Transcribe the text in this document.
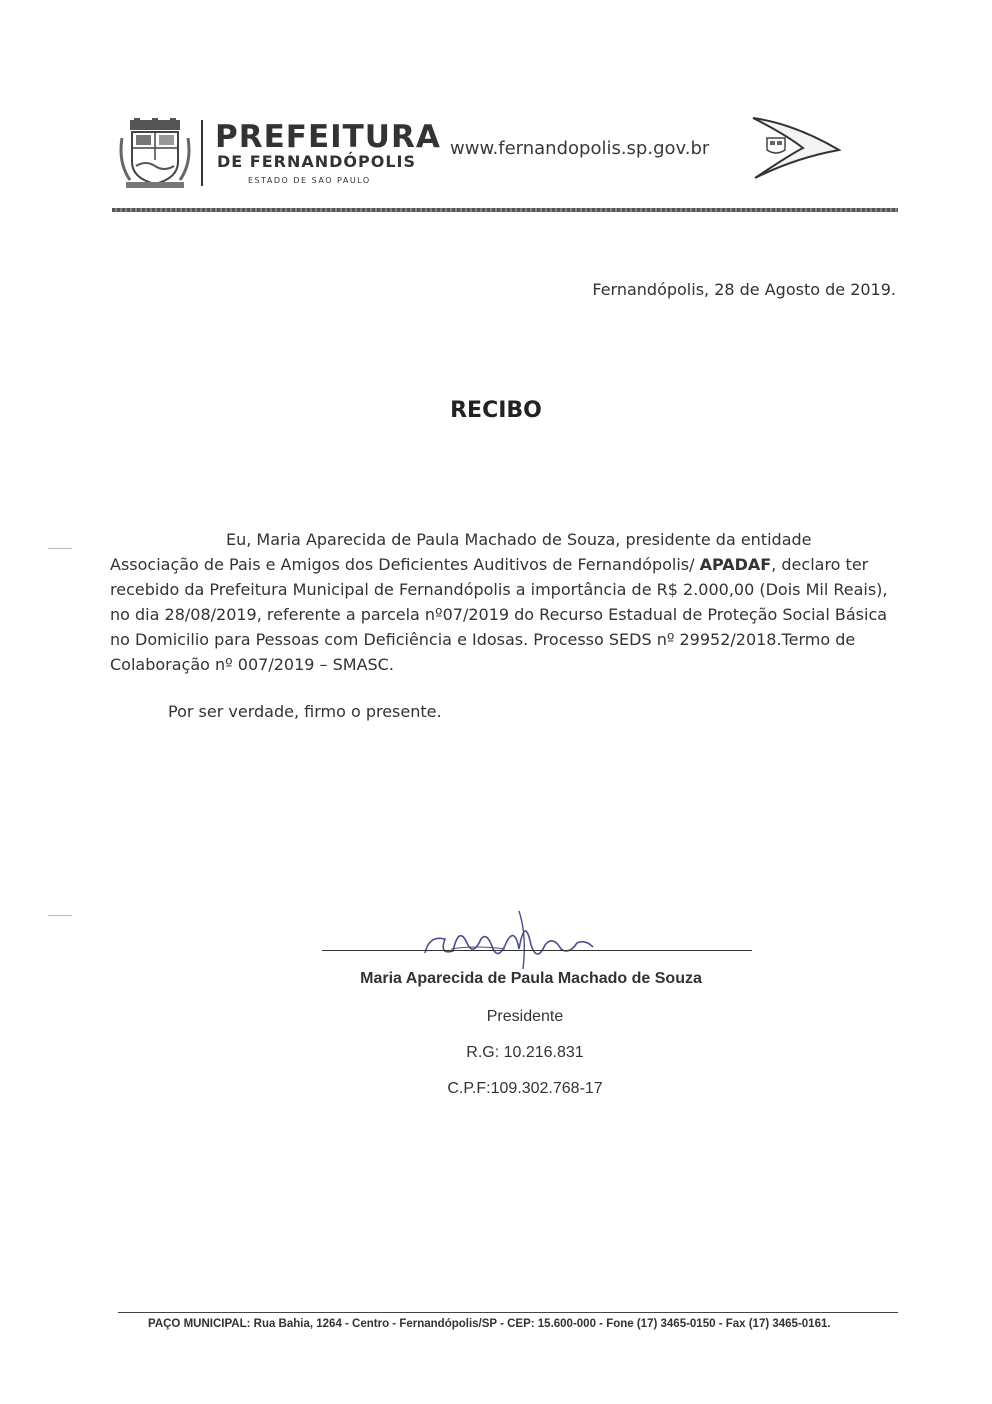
PREFEITURA
DE FERNANDÓPOLIS
ESTADO DE SAO PAULO
www.fernandopolis.sp.gov.br
Fernandópolis, 28 de Agosto de 2019.
RECIBO
Eu, Maria Aparecida de Paula Machado de Souza, presidente da entidade Associação de Pais e Amigos dos Deficientes Auditivos de Fernandópolis/ APADAF, declaro ter recebido da Prefeitura Municipal de Fernandópolis a importância de R$ 2.000,00 (Dois Mil Reais), no dia 28/08/2019, referente a parcela nº07/2019 do Recurso Estadual de Proteção Social Básica no Domicilio para Pessoas com Deficiência e Idosas. Processo SEDS nº 29952/2018.Termo de Colaboração nº 007/2019 – SMASC.
Por ser verdade, firmo o presente.
Maria Aparecida de Paula Machado de Souza
Presidente
R.G: 10.216.831
C.P.F:109.302.768-17
PAÇO MUNICIPAL: Rua Bahia, 1264 - Centro - Fernandópolis/SP - CEP: 15.600-000 - Fone (17) 3465-0150 - Fax (17) 3465-0161.
